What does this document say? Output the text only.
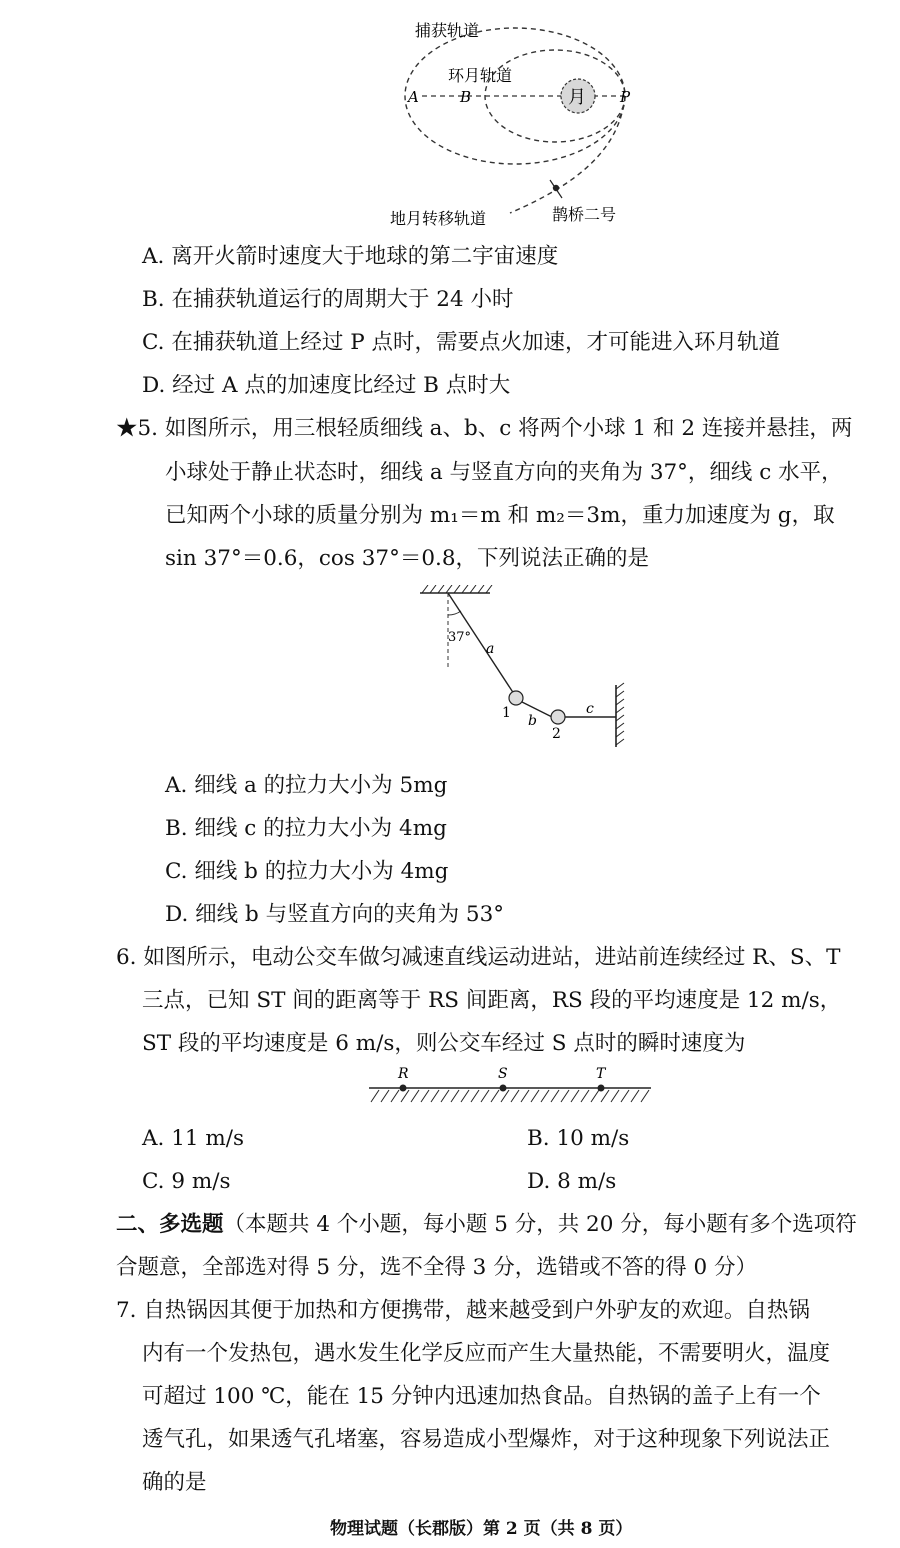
月
A	B	P
捕获轨道
环月轨道
地月转移轨道	鹊桥二号
A. 离开火箭时速度大于地球的第二宇宙速度
B. 在捕获轨道运行的周期大于 24 小时
C. 在捕获轨道上经过 P 点时，需要点火加速，才可能进入环月轨道
D. 经过 A 点的加速度比经过 B 点时大
★5. 如图所示，用三根轻质细线 a、b、c 将两个小球 1 和 2 连接并悬挂，两
小球处于静止状态时，细线 a 与竖直方向的夹角为 37°，细线 c 水平，
已知两个小球的质量分别为 m₁＝m 和 m₂＝3m，重力加速度为 g，取
sin 37°＝0.6，cos 37°＝0.8，下列说法正确的是
37°
a
1 b
2
c
A. 细线 a 的拉力大小为 5mg
B. 细线 c 的拉力大小为 4mg
C. 细线 b 的拉力大小为 4mg
D. 细线 b 与竖直方向的夹角为 53°
6. 如图所示，电动公交车做匀减速直线运动进站，进站前连续经过 R、S、T
三点，已知 ST 间的距离等于 RS 间距离，RS 段的平均速度是 12 m/s，
ST 段的平均速度是 6 m/s，则公交车经过 S 点时的瞬时速度为
R	S	T
A. 11 m/s	B. 10 m/s
C. 9 m/s	D. 8 m/s
二、多选题（本题共 4 个小题，每小题 5 分，共 20 分，每小题有多个选项符
合题意，全部选对得 5 分，选不全得 3 分，选错或不答的得 0 分）
7. 自热锅因其便于加热和方便携带，越来越受到户外驴友的欢迎。自热锅
内有一个发热包，遇水发生化学反应而产生大量热能，不需要明火，温度
可超过 100 ℃，能在 15 分钟内迅速加热食品。自热锅的盖子上有一个
透气孔，如果透气孔堵塞，容易造成小型爆炸，对于这种现象下列说法正
确的是
物理试题（长郡版）第 2 页（共 8 页）
